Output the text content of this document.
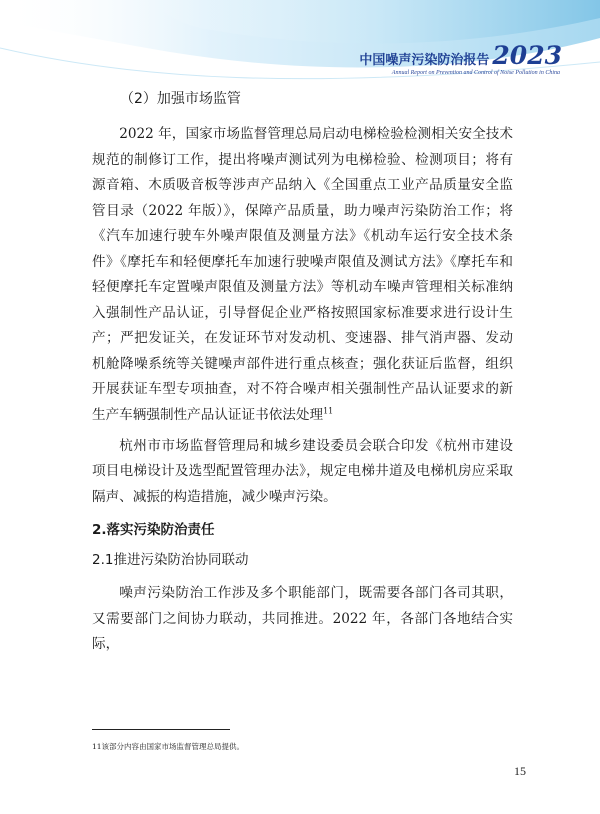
中国噪声污染防治报告 2023
Annual Report on Prevention and Control of Noise Pollution in China

（2）加强市场监管

2022 年，国家市场监督管理总局启动电梯检验检测相关安全技术规范的制修订工作，提出将噪声测试列为电梯检验、检测项目；将有源音箱、木质吸音板等涉声产品纳入《全国重点工业产品质量安全监管目录（2022 年版）》，保障产品质量，助力噪声污染防治工作；将《汽车加速行驶车外噪声限值及测量方法》《机动车运行安全技术条件》《摩托车和轻便摩托车加速行驶噪声限值及测试方法》《摩托车和轻便摩托车定置噪声限值及测量方法》等机动车噪声管理相关标准纳入强制性产品认证，引导督促企业严格按照国家标准要求进行设计生产；严把发证关，在发证环节对发动机、变速器、排气消声器、发动机舱降噪系统等关键噪声部件进行重点核查；强化获证后监督，组织开展获证车型专项抽查，对不符合噪声相关强制性产品认证要求的新生产车辆强制性产品认证证书依法处理$^{11}$

杭州市市场监督管理局和城乡建设委员会联合印发《杭州市建设项目电梯设计及选型配置管理办法》，规定电梯井道及电梯机房应采取隔声、减振的构造措施，减少噪声污染。

2.落实污染防治责任

2.1推进污染防治协同联动

噪声污染防治工作涉及多个职能部门，既需要各部门各司其职，又需要部门之间协力联动，共同推进。2022 年，各部门各地结合实际，

11该部分内容由国家市场监督管理总局提供。
15
